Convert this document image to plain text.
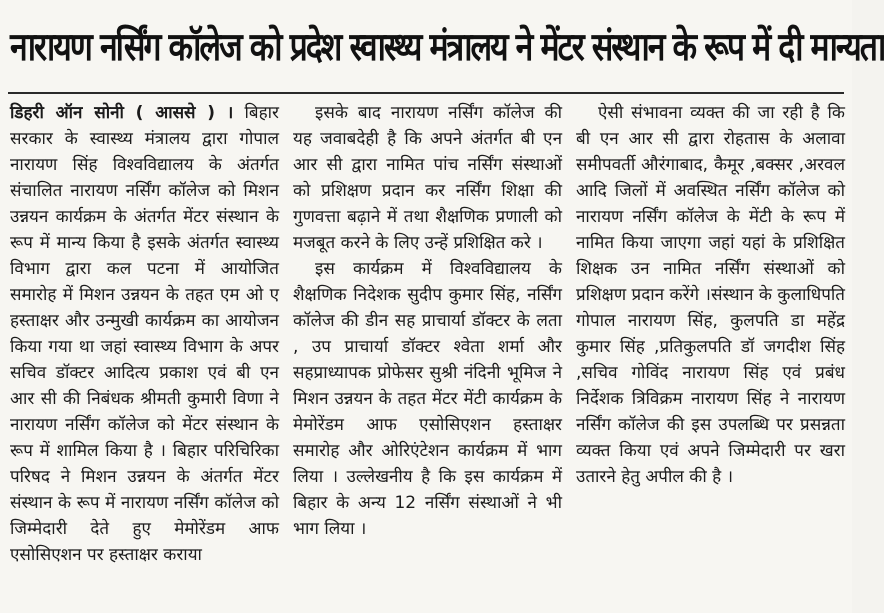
नारायण नर्सिंग कॉलेज को प्रदेश स्वास्थ्य मंत्रालय ने मेंटर संस्थान के रूप में दी मान्यता

डिहरी ऑन सोनी ( आससे ) । बिहार सरकार के स्वास्थ्य मंत्रालय द्वारा गोपाल नारायण सिंह विश्वविद्यालय के अंतर्गत संचालित नारायण नर्सिंग कॉलेज को मिशन उन्नयन कार्यक्रम के अंतर्गत मेंटर संस्थान के रूप में मान्य किया है इसके अंतर्गत स्वास्थ्य विभाग द्वारा कल पटना में आयोजित समारोह में मिशन उन्नयन के तहत एम ओ ए हस्ताक्षर और उन्मुखी कार्यक्रम का आयोजन किया गया था जहां स्वास्थ्य विभाग के अपर सचिव डॉक्टर आदित्य प्रकाश एवं बी एन आर सी की निबंधक श्रीमती कुमारी विणा ने नारायण नर्सिंग कॉलेज को मेंटर संस्थान के रूप में शामिल किया है । बिहार परिचिरिका परिषद ने मिशन उन्नयन के अंतर्गत मेंटर संस्थान के रूप में नारायण नर्सिंग कॉलेज को जिम्मेदारी देते हुए मेमोरेंडम आफ एसोसिएशन पर हस्ताक्षर कराया

इसके बाद नारायण नर्सिंग कॉलेज की यह जवाबदेही है कि अपने अंतर्गत बी एन आर सी द्वारा नामित पांच नर्सिंग संस्थाओं को प्रशिक्षण प्रदान कर नर्सिंग शिक्षा की गुणवत्ता बढ़ाने में तथा शैक्षणिक प्रणाली को मजबूत करने के लिए उन्हें प्रशिक्षित करे ।

इस कार्यक्रम में विश्वविद्यालय के शैक्षणिक निदेशक सुदीप कुमार सिंह, नर्सिंग कॉलेज की डीन सह प्राचार्या डॉक्टर के लता , उप प्राचार्या डॉक्टर श्वेता शर्मा और सहप्राध्यापक प्रोफेसर सुश्री नंदिनी भूमिज ने मिशन उन्नयन के तहत मेंटर मेंटी कार्यक्रम के मेमोरेंडम आफ एसोसिएशन हस्ताक्षर समारोह और ओरिएंटेशन कार्यक्रम में भाग लिया । उल्लेखनीय है कि इस कार्यक्रम में बिहार के अन्य 12 नर्सिंग संस्थाओं ने भी भाग लिया ।

ऐसी संभावना व्यक्त की जा रही है कि बी एन आर सी द्वारा रोहतास के अलावा समीपवर्ती औरंगाबाद, कैमूर ,बक्सर ,अरवल आदि जिलों में अवस्थित नर्सिंग कॉलेज को नारायण नर्सिंग कॉलेज के मेंटी के रूप में नामित किया जाएगा जहां यहां के प्रशिक्षित शिक्षक उन नामित नर्सिंग संस्थाओं को प्रशिक्षण प्रदान करेंगे ।संस्थान के कुलाधिपति गोपाल नारायण सिंह, कुलपति डा महेंद्र कुमार सिंह ,प्रतिकुलपति डॉ जगदीश सिंह ,सचिव गोविंद नारायण सिंह एवं प्रबंध निर्देशक त्रिविक्रम नारायण सिंह ने नारायण नर्सिंग कॉलेज की इस उपलब्धि पर प्रसन्नता व्यक्त किया एवं अपने जिम्मेदारी पर खरा उतारने हेतु अपील की है ।
